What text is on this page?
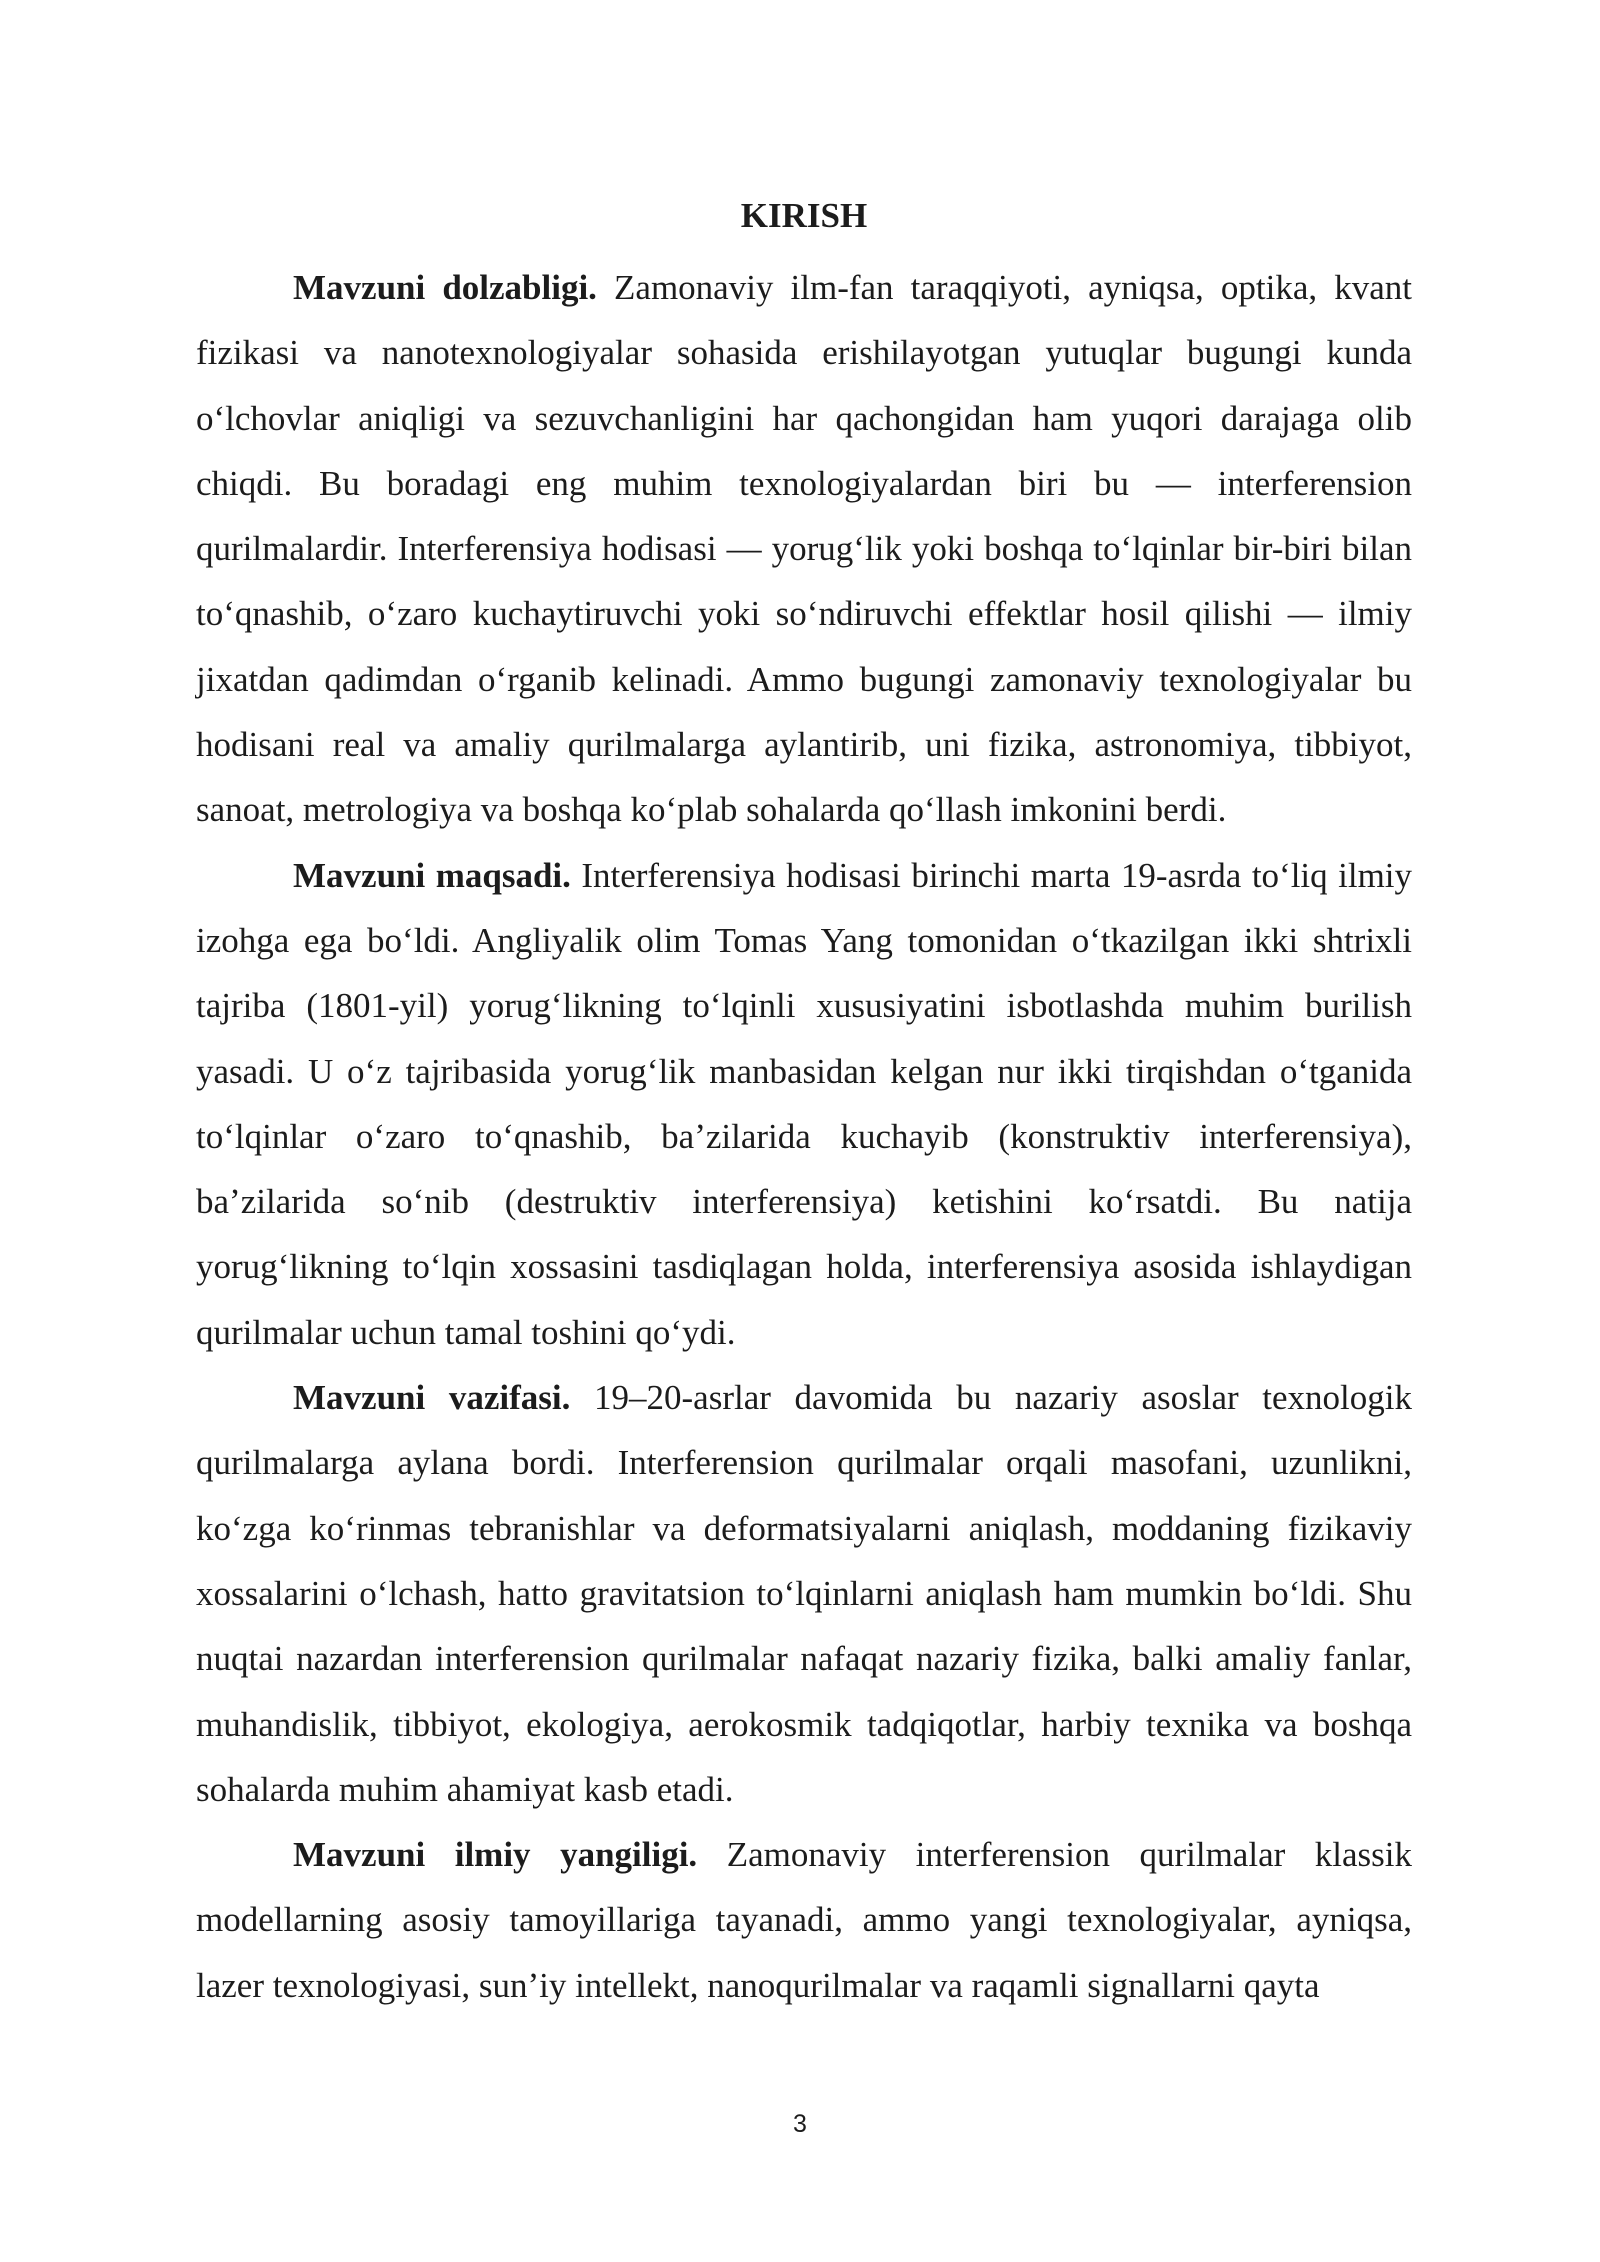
KIRISH

Mavzuni dolzabligi. Zamonaviy ilm-fan taraqqiyoti, ayniqsa, optika, kvant fizikasi va nanotexnologiyalar sohasida erishilayotgan yutuqlar bugungi kunda oʻlchovlar aniqligi va sezuvchanligini har qachongidan ham yuqori darajaga olib chiqdi. Bu boradagi eng muhim texnologiyalardan biri bu — interferension qurilmalardir. Interferensiya hodisasi — yorugʻlik yoki boshqa toʻlqinlar bir-biri bilan toʻqnashib, oʻzaro kuchaytiruvchi yoki soʻndiruvchi effektlar hosil qilishi — ilmiy jixatdan qadimdan oʻrganib kelinadi. Ammo bugungi zamonaviy texnologiyalar bu hodisani real va amaliy qurilmalarga aylantirib, uni fizika, astronomiya, tibbiyot, sanoat, metrologiya va boshqa koʻplab sohalarda qoʻllash imkonini berdi.

Mavzuni maqsadi. Interferensiya hodisasi birinchi marta 19-asrda toʻliq ilmiy izohga ega boʻldi. Angliyalik olim Tomas Yang tomonidan oʻtkazilgan ikki shtrixli tajriba (1801-yil) yorugʻlikning toʻlqinli xususiyatini isbotlashda muhim burilish yasadi. U oʻz tajribasida yorugʻlik manbasidan kelgan nur ikki tirqishdan oʻtganida toʻlqinlar oʻzaro toʻqnashib, baʼzilarida kuchayib (konstruktiv interferensiya), baʼzilarida soʻnib (destruktiv interferensiya) ketishini koʻrsatdi. Bu natija yorugʻlikning toʻlqin xossasini tasdiqlagan holda, interferensiya asosida ishlaydigan qurilmalar uchun tamal toshini qoʻydi.

Mavzuni vazifasi. 19–20-asrlar davomida bu nazariy asoslar texnologik qurilmalarga aylana bordi. Interferension qurilmalar orqali masofani, uzunlikni, koʻzga koʻrinmas tebranishlar va deformatsiyalarni aniqlash, moddaning fizikaviy xossalarini oʻlchash, hatto gravitatsion toʻlqinlarni aniqlash ham mumkin boʻldi. Shu nuqtai nazardan interferension qurilmalar nafaqat nazariy fizika, balki amaliy fanlar, muhandislik, tibbiyot, ekologiya, aerokosmik tadqiqotlar, harbiy texnika va boshqa sohalarda muhim ahamiyat kasb etadi.

Mavzuni ilmiy yangiligi. Zamonaviy interferension qurilmalar klassik modellarning asosiy tamoyillariga tayanadi, ammo yangi texnologiyalar, ayniqsa, lazer texnologiyasi, sunʼiy intellekt, nanoqurilmalar va raqamli signallarni qayta

3
